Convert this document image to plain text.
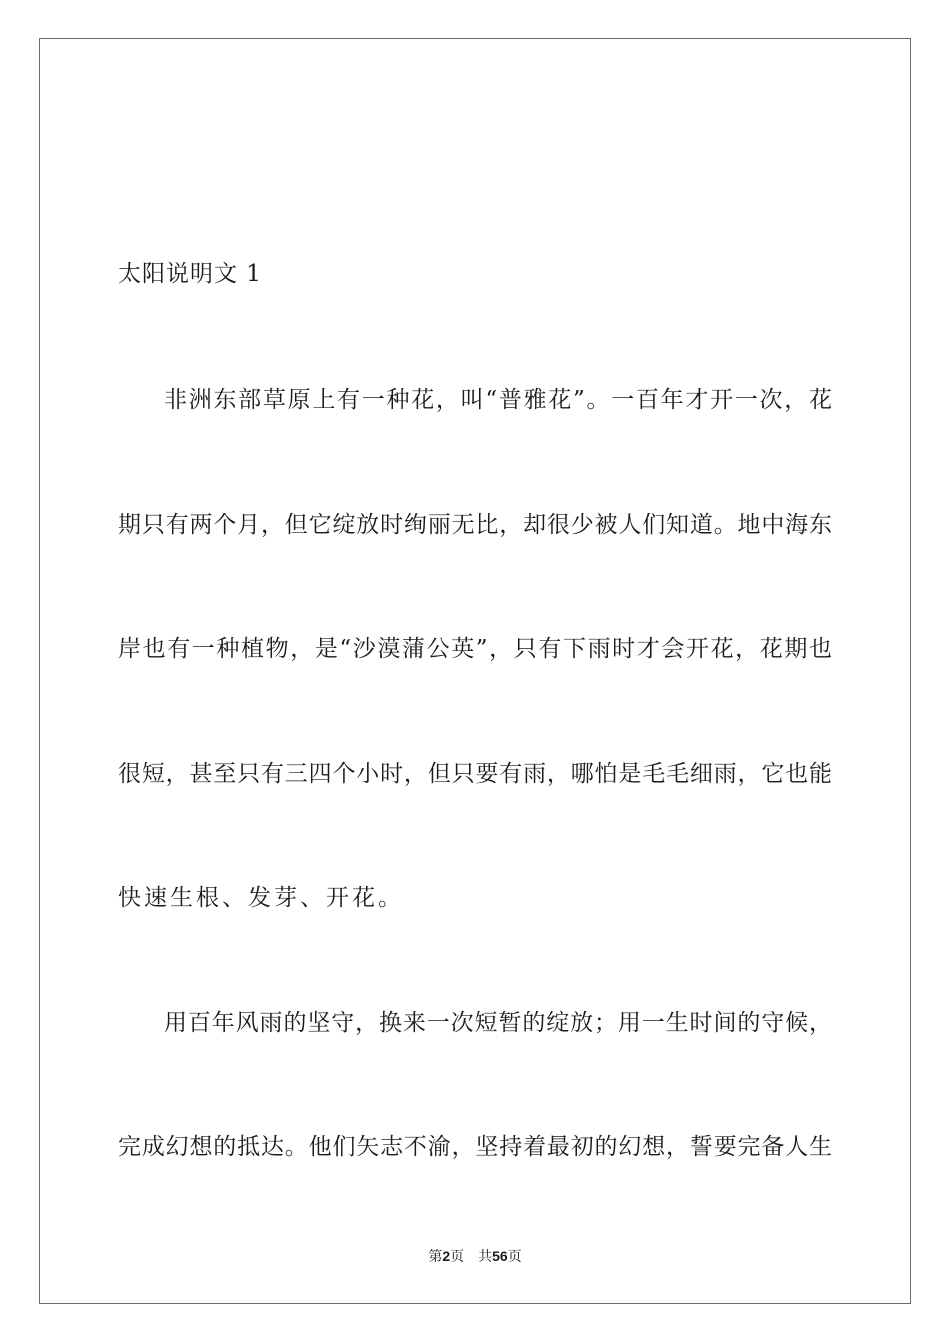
太阳说明文 1
非洲东部草原上有一种花，叫“普雅花”。一百年才开一次，花
期只有两个月，但它绽放时绚丽无比，却很少被人们知道。地中海东
岸也有一种植物，是“沙漠蒲公英”，只有下雨时才会开花，花期也
很短，甚至只有三四个小时，但只要有雨，哪怕是毛毛细雨，它也能
快速生根、发芽、开花。
用百年风雨的坚守，换来一次短暂的绽放；用一生时间的守候，
完成幻想的抵达。他们矢志不渝，坚持着最初的幻想，誓要完备人生
第2页 共56页
